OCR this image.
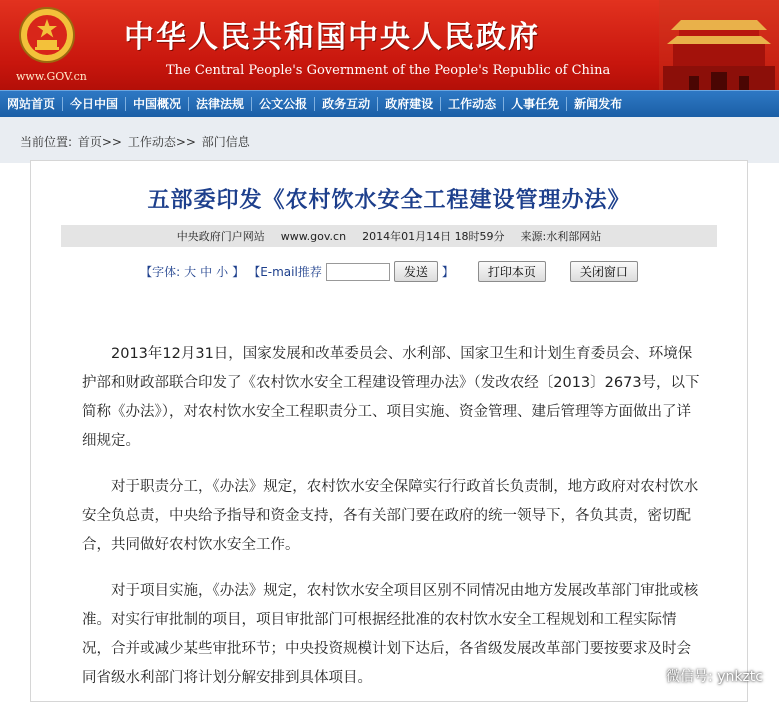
www.GOV.cn
中华人民共和国中央人民政府
The Central People's Government of the People's Republic of China
网站首页	今日中国	中国概况	法律法规	公文公报	政务互动	政府建设	工作动态	人事任免	新闻发布
当前位置: 首页>> 工作动态>> 部门信息
五部委印发《农村饮水安全工程建设管理办法》
中央政府门户网站 www.gov.cn 2014年01月14日 18时59分 来源:水利部网站
【字体: 大 中 小 】 【E-mail推荐	发送	】	打印本页	关闭窗口

2013年12月31日，国家发展和改革委员会、水利部、国家卫生和计划生育委员会、环境保护部和财政部联合印发了《农村饮水安全工程建设管理办法》（发改农经〔2013〕2673号，以下简称《办法》），对农村饮水安全工程职责分工、项目实施、资金管理、建后管理等方面做出了详细规定。

对于职责分工，《办法》规定，农村饮水安全保障实行行政首长负责制，地方政府对农村饮水安全负总责，中央给予指导和资金支持，各有关部门要在政府的统一领导下，各负其责，密切配合，共同做好农村饮水安全工作。

对于项目实施，《办法》规定，农村饮水安全项目区别不同情况由地方发展改革部门审批或核准。对实行审批制的项目，项目审批部门可根据经批准的农村饮水安全工程规划和工程实际情况，合并或减少某些审批环节；中央投资规模计划下达后，各省级发展改革部门要按要求及时会同省级水利部门将计划分解安排到具体项目。	微信号: ynkztc
